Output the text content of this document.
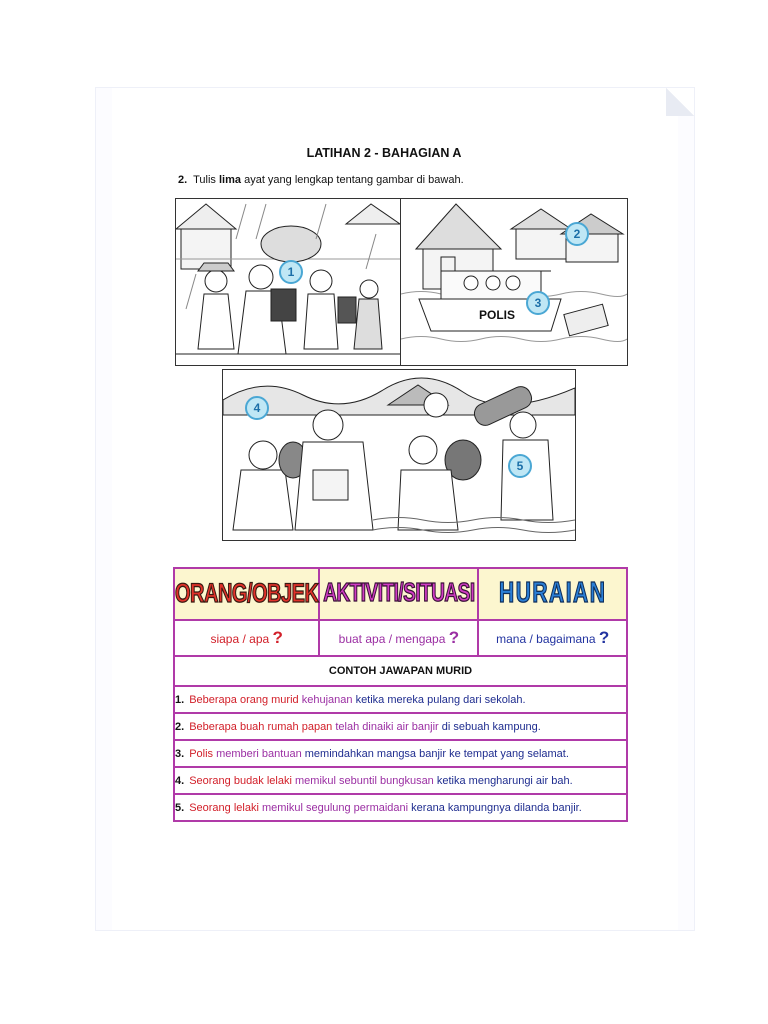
LATIHAN 2 - BAHAGIAN A
2. Tulis lima ayat yang lengkap tentang gambar di bawah.
1
POLIS
2
3
4
5
ORANG/OBJEK	AKTIVITI/SITUASI	HURAIAN
siapa / apa ?	buat apa / mengapa ?	mana / bagaimana ?
CONTOH JAWAPAN MURID		
1. Beberapa orang murid kehujanan ketika mereka pulang dari sekolah.		
2. Beberapa buah rumah papan telah dinaiki air banjir di sebuah kampung.		
3. Polis memberi bantuan memindahkan mangsa banjir ke tempat yang selamat.		
4. Seorang budak lelaki memikul sebuntil bungkusan ketika mengharungi air bah.		
5. Seorang lelaki memikul segulung permaidani kerana kampungnya dilanda banjir.		
